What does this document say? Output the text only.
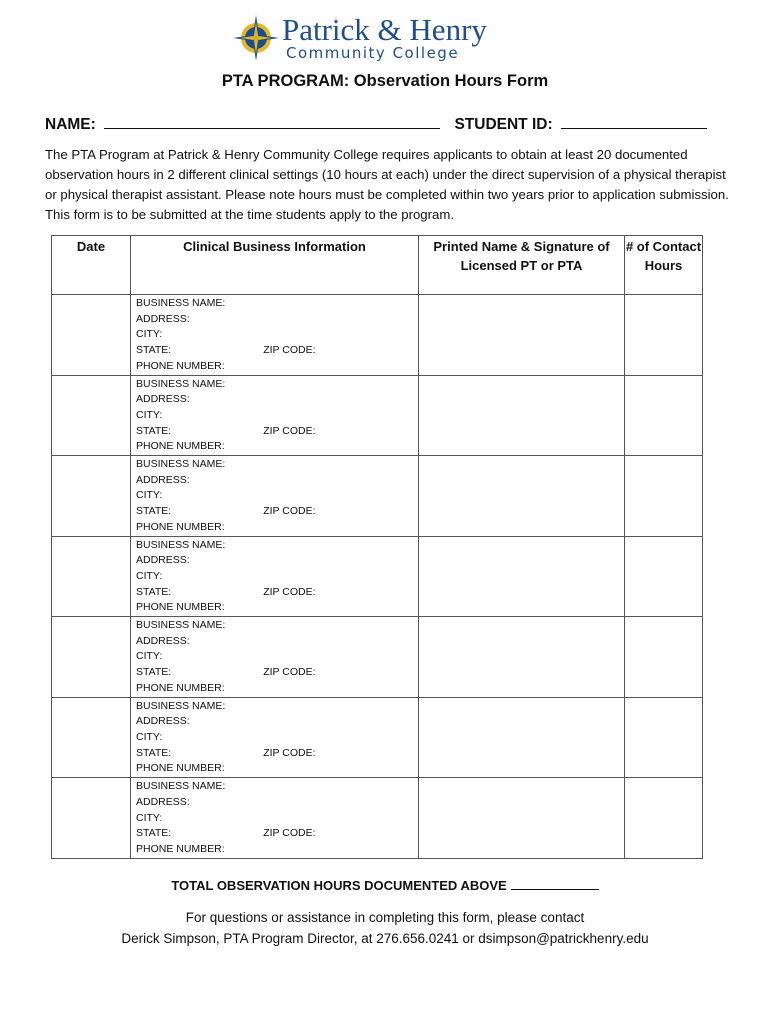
Patrick & Henry
Community College
PTA PROGRAM: Observation Hours Form
NAME:	STUDENT ID:
The PTA Program at Patrick & Henry Community College requires applicants to obtain at least 20 documented observation hours in 2 different clinical settings (10 hours at each) under the direct supervision of a physical therapist or physical therapist assistant. Please note hours must be completed within two years prior to application submission. This form is to be submitted at the time students apply to the program.
Date	Clinical Business Information	Printed Name & Signature of Licensed PT or PTA	# of Contact Hours

	BUSINESS NAME:
ADDRESS:
CITY:
STATE: ZIP CODE:
PHONE NUMBER:		

	BUSINESS NAME:
ADDRESS:
CITY:
STATE: ZIP CODE:
PHONE NUMBER:		

	BUSINESS NAME:
ADDRESS:
CITY:
STATE: ZIP CODE:
PHONE NUMBER:		

	BUSINESS NAME:
ADDRESS:
CITY:
STATE: ZIP CODE:
PHONE NUMBER:		

	BUSINESS NAME:
ADDRESS:
CITY:
STATE: ZIP CODE:
PHONE NUMBER:		

	BUSINESS NAME:
ADDRESS:
CITY:
STATE: ZIP CODE:
PHONE NUMBER:		

	BUSINESS NAME:
ADDRESS:
CITY:
STATE: ZIP CODE:
PHONE NUMBER:		

TOTAL OBSERVATION HOURS DOCUMENTED ABOVE
For questions or assistance in completing this form, please contact
Derick Simpson, PTA Program Director, at 276.656.0241 or dsimpson@patrickhenry.edu
